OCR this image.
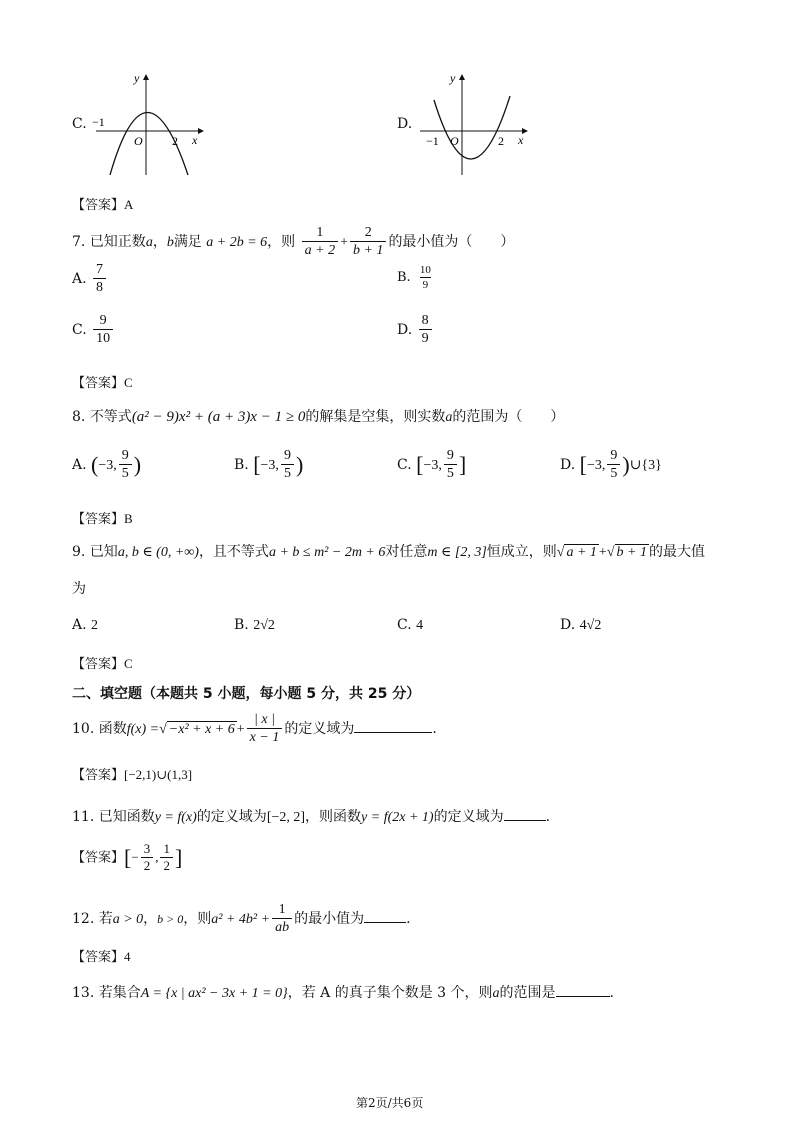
C.
y
−1
O 2 x
D.
y
−1 O	2 x
【答案】A
7. 已知正数a，b满足 a + 2b = 6，则 $\frac{1}{a + 2} + \frac{2}{b + 1}$ 的最小值为（　　）
A. $\frac{7}{8}$	B. $\frac{10}{9}$
C. $\frac{9}{10}$	D. $\frac{8}{9}$
【答案】C
8. 不等式(a² − 9)x² + (a + 3)x − 1 ≥ 0的解集是空集，则实数a的范围为（　　）
A. (−3, $\frac{9}{5}$ )	B. [−3, $\frac{9}{5}$ )	C. [−3, $\frac{9}{5}$ ]	D. [−3, $\frac{9}{5}$ )∪{3}
【答案】B
9. 已知a, b ∈ (0, +∞)，且不等式a + b ≤ m² − 2m + 6对任意m ∈ [2, 3]恒成立，则√ a + 1 +√ b + 1 的最大值
为
A. 2	B. 2√2	C. 4	D. 4√2
【答案】C
二、填空题（本题共 5 小题，每小题 5 分，共 25 分）
10. 函数f(x) =√ $-x^2 + x + 6 + \frac{| x |}{x - 1}$ 的定义域为	.
【答案】[−2,1)∪(1,3]
11. 已知函数y = f(x)的定义域为[−2, 2]，则函数y = f(2x + 1)的定义域为	.
【答案】[− $\frac{3}{2}$ , $\frac{1}{2}$ ]
12. 若a > 0，b > 0，则$a^2 + 4b^2 + \frac{1}{ab}$ 的最小值为	.
【答案】4
13. 若集合A = {x | ax² − 3x + 1 = 0}，若 A 的真子集个数是 3 个，则a的范围是	.
第2页/共6页
